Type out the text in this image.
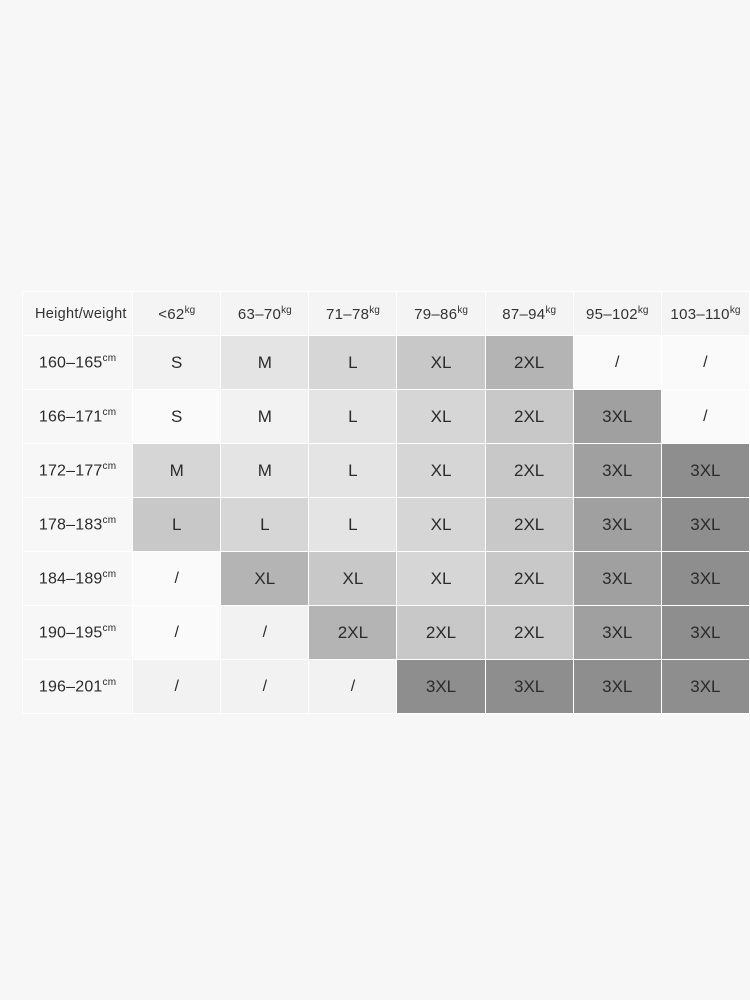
Height/weight	$<62^{kg}$	$63-70^{kg}$	$71-78^{kg}$	$79-86^{kg}$	$87-94^{kg}$	$95-102^{kg}$	$103-110^{kg}$
$160-165^{cm}$	S	M	L	XL	2XL	/	/
$166-171^{cm}$	S	M	L	XL	2XL	3XL	/
$172-177^{cm}$	M	M	L	XL	2XL	3XL	3XL
$178-183^{cm}$	L	L	L	XL	2XL	3XL	3XL
$184-189^{cm}$	/	XL	XL	XL	2XL	3XL	3XL
$190-195^{cm}$	/	/	2XL	2XL	2XL	3XL	3XL
$196-201^{cm}$	/	/	/	3XL	3XL	3XL	3XL
